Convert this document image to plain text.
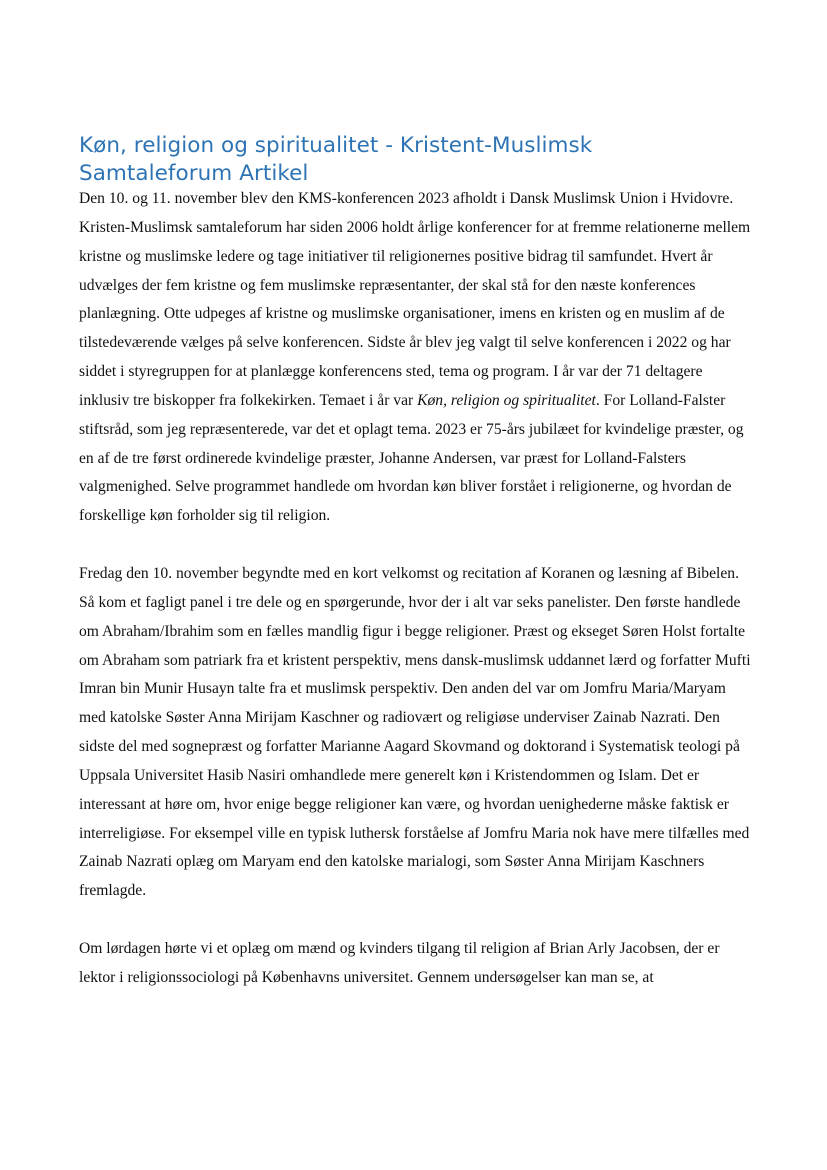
Køn, religion og spiritualitet - Kristent-Muslimsk Samtaleforum Artikel

Den 10. og 11. november blev den KMS-konferencen 2023 afholdt i Dansk Muslimsk Union i Hvidovre. Kristen-Muslimsk samtaleforum har siden 2006 holdt årlige konferencer for at fremme relationerne mellem kristne og muslimske ledere og tage initiativer til religionernes positive bidrag til samfundet. Hvert år udvælges der fem kristne og fem muslimske repræsentanter, der skal stå for den næste konferences planlægning. Otte udpeges af kristne og muslimske organisationer, imens en kristen og en muslim af de tilstedeværende vælges på selve konferencen. Sidste år blev jeg valgt til selve konferencen i 2022 og har siddet i styregruppen for at planlægge konferencens sted, tema og program. I år var der 71 deltagere inklusiv tre biskopper fra folkekirken. Temaet i år var Køn, religion og spiritualitet. For Lolland-Falster stiftsråd, som jeg repræsenterede, var det et oplagt tema. 2023 er 75-års jubilæet for kvindelige præster, og en af de tre først ordinerede kvindelige præster, Johanne Andersen, var præst for Lolland-Falsters valgmenighed. Selve programmet handlede om hvordan køn bliver forstået i religionerne, og hvordan de forskellige køn forholder sig til religion.

Fredag den 10. november begyndte med en kort velkomst og recitation af Koranen og læsning af Bibelen. Så kom et fagligt panel i tre dele og en spørgerunde, hvor der i alt var seks panelister. Den første handlede om Abraham/Ibrahim som en fælles mandlig figur i begge religioner. Præst og ekseget Søren Holst fortalte om Abraham som patriark fra et kristent perspektiv, mens dansk-muslimsk uddannet lærd og forfatter Mufti Imran bin Munir Husayn talte fra et muslimsk perspektiv. Den anden del var om Jomfru Maria/Maryam med katolske Søster Anna Mirijam Kaschner og radiovært og religiøse underviser Zainab Nazrati. Den sidste del med sognepræst og forfatter Marianne Aagard Skovmand og doktorand i Systematisk teologi på Uppsala Universitet Hasib Nasiri omhandlede mere generelt køn i Kristendommen og Islam. Det er interessant at høre om, hvor enige begge religioner kan være, og hvordan uenighederne måske faktisk er interreligiøse. For eksempel ville en typisk luthersk forståelse af Jomfru Maria nok have mere tilfælles med Zainab Nazrati oplæg om Maryam end den katolske marialogi, som Søster Anna Mirijam Kaschners fremlagde.

Om lørdagen hørte vi et oplæg om mænd og kvinders tilgang til religion af Brian Arly Jacobsen, der er lektor i religionssociologi på Københavns universitet. Gennem undersøgelser kan man se, at
